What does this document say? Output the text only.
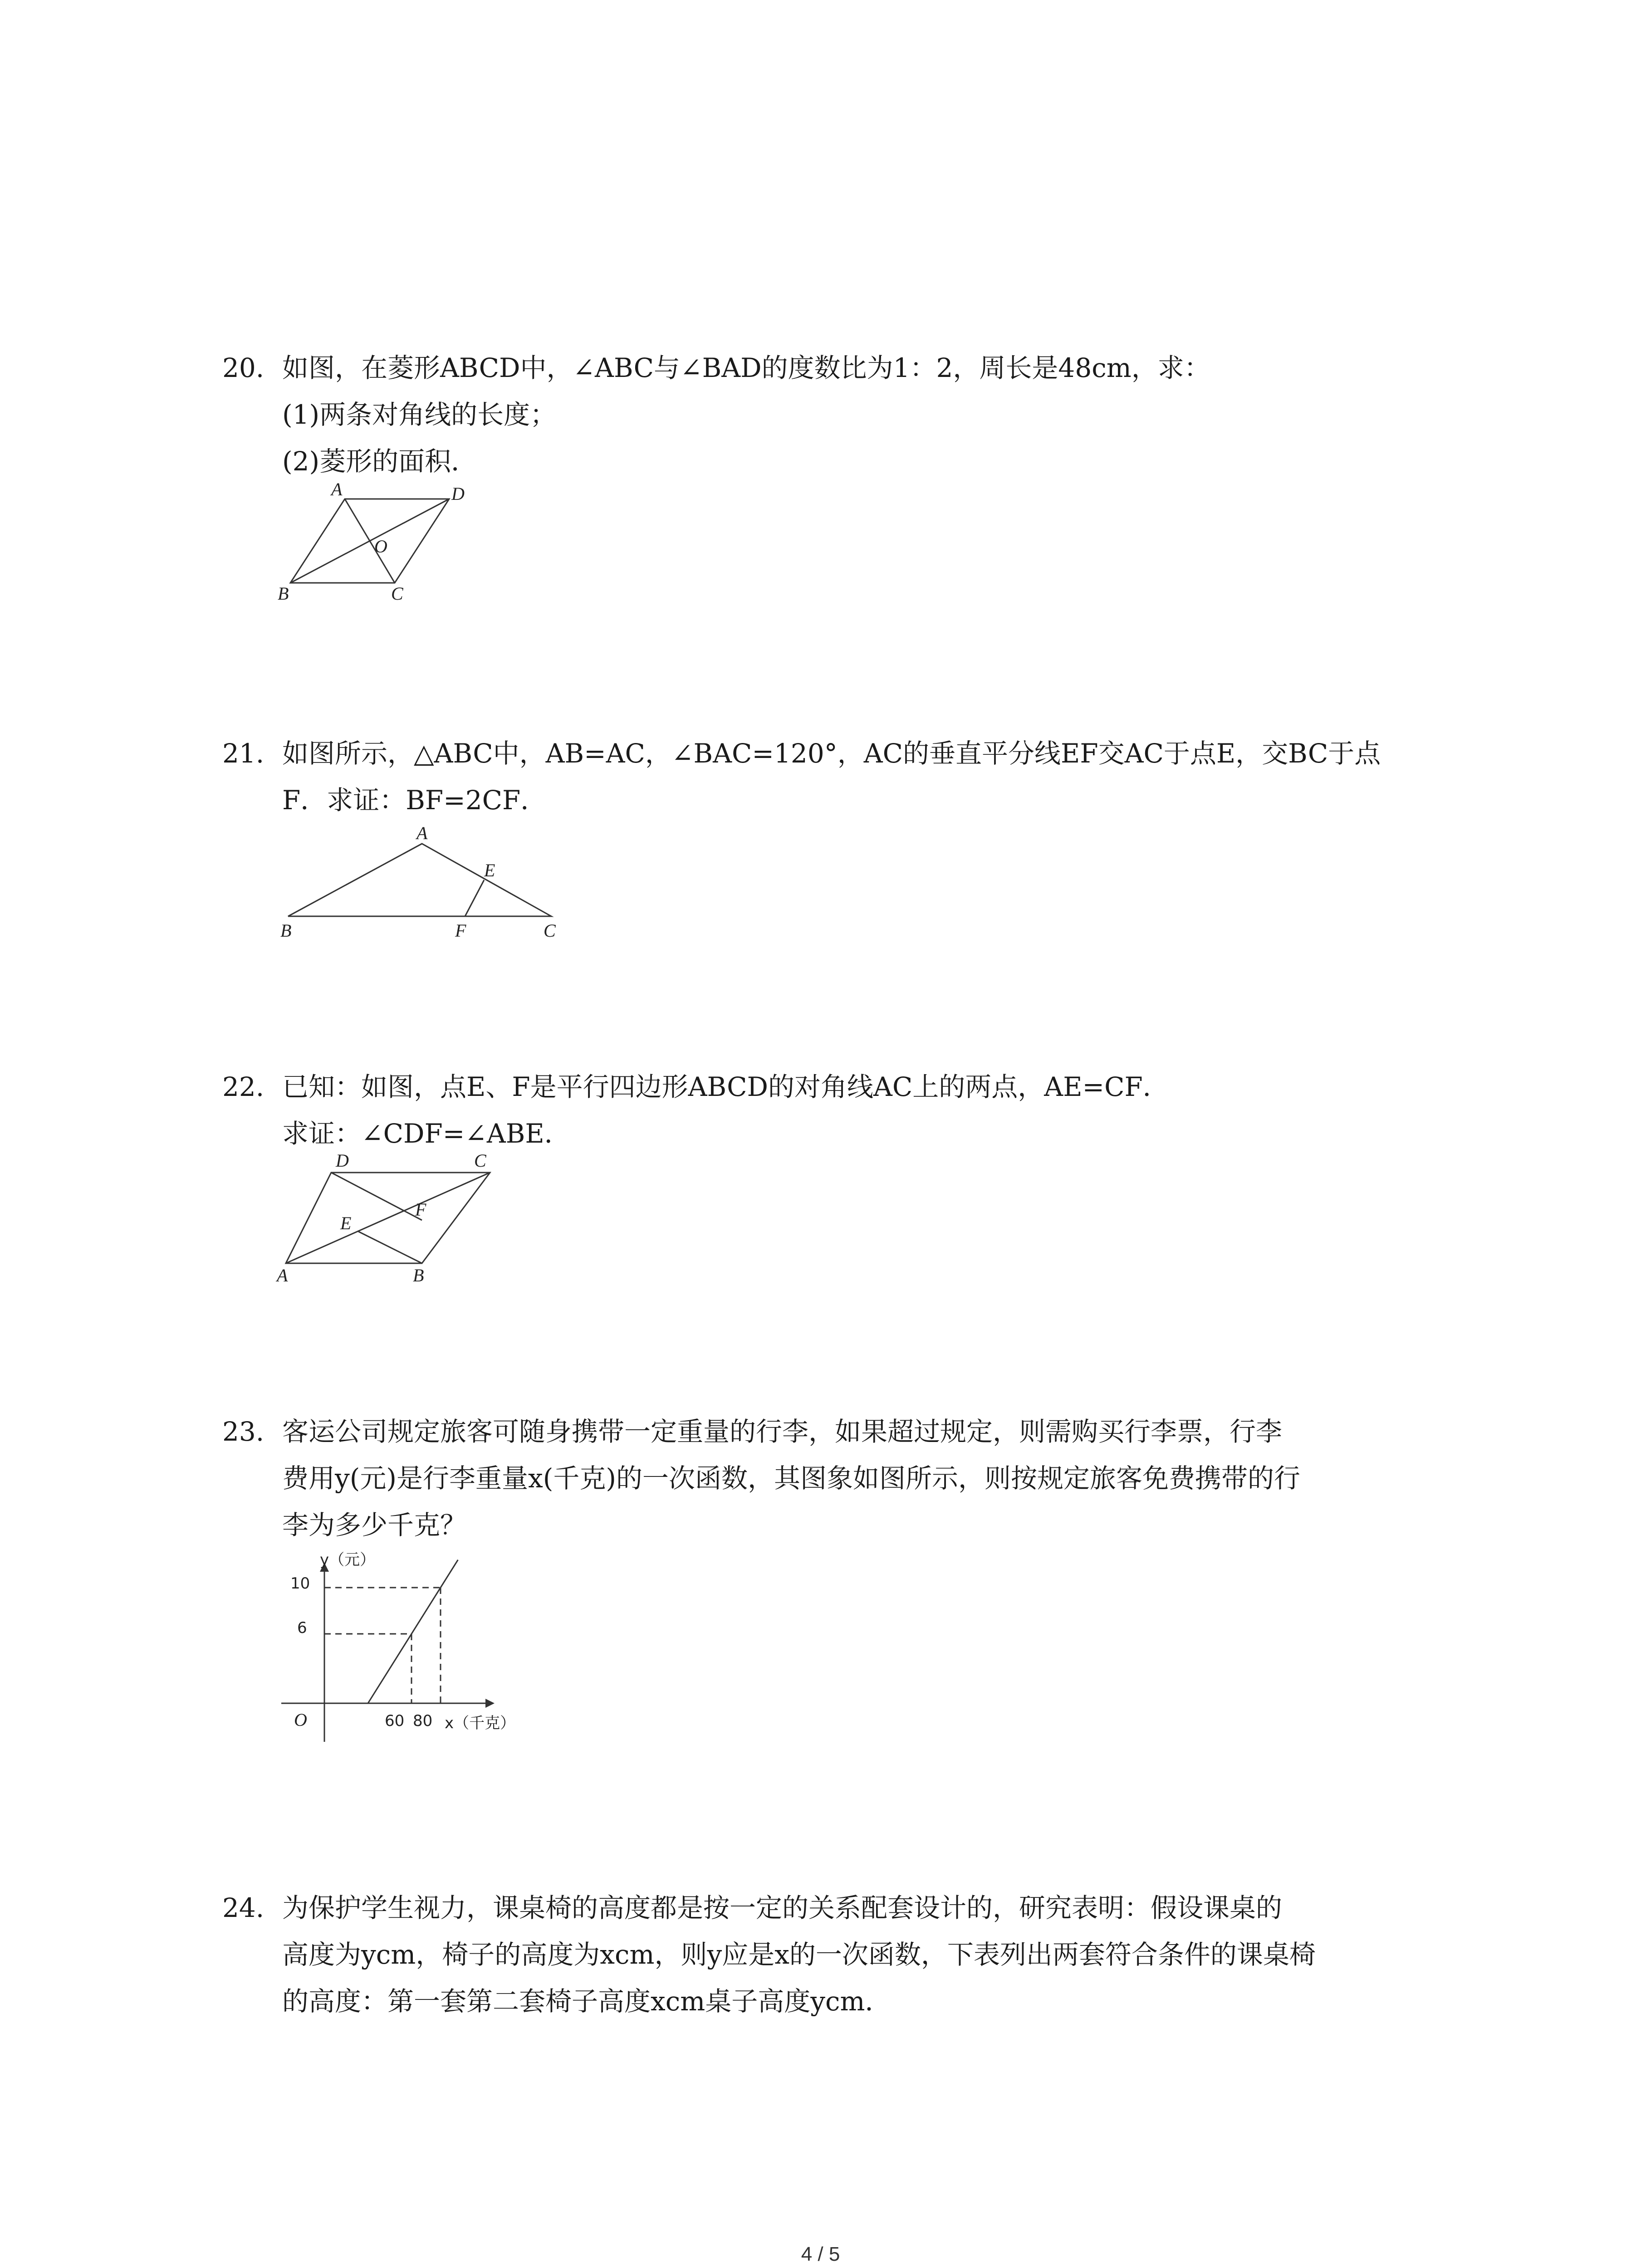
20. 如图，在菱形ABCD中，∠ABC与∠BAD的度数比为1：2，周长是48cm，求：
(1)两条对角线的长度；
(2)菱形的面积．
A	D
O
B	C
21. 如图所示，△ABC中，AB=AC，∠BAC=120°，AC的垂直平分线EF交AC于点E，交BC于点
F．求证：BF=2CF．
A
E
B	F	C
22. 已知：如图，点E、F是平行四边形ABCD的对角线AC上的两点，AE=CF．
求证：∠CDF=∠ABE．
D	C
E
F
A	B
23. 客运公司规定旅客可随身携带一定重量的行李，如果超过规定，则需购买行李票，行李
费用y(元)是行李重量x(千克)的一次函数，其图象如图所示，则按规定旅客免费携带的行
李为多少千克？
y（元）
10
6
O	60 80 x（千克）
24. 为保护学生视力，课桌椅的高度都是按一定的关系配套设计的，研究表明：假设课桌的
高度为ycm，椅子的高度为xcm，则y应是x的一次函数，下表列出两套符合条件的课桌椅
的高度：第一套第二套椅子高度xcm桌子高度ycm．
4 / 5
